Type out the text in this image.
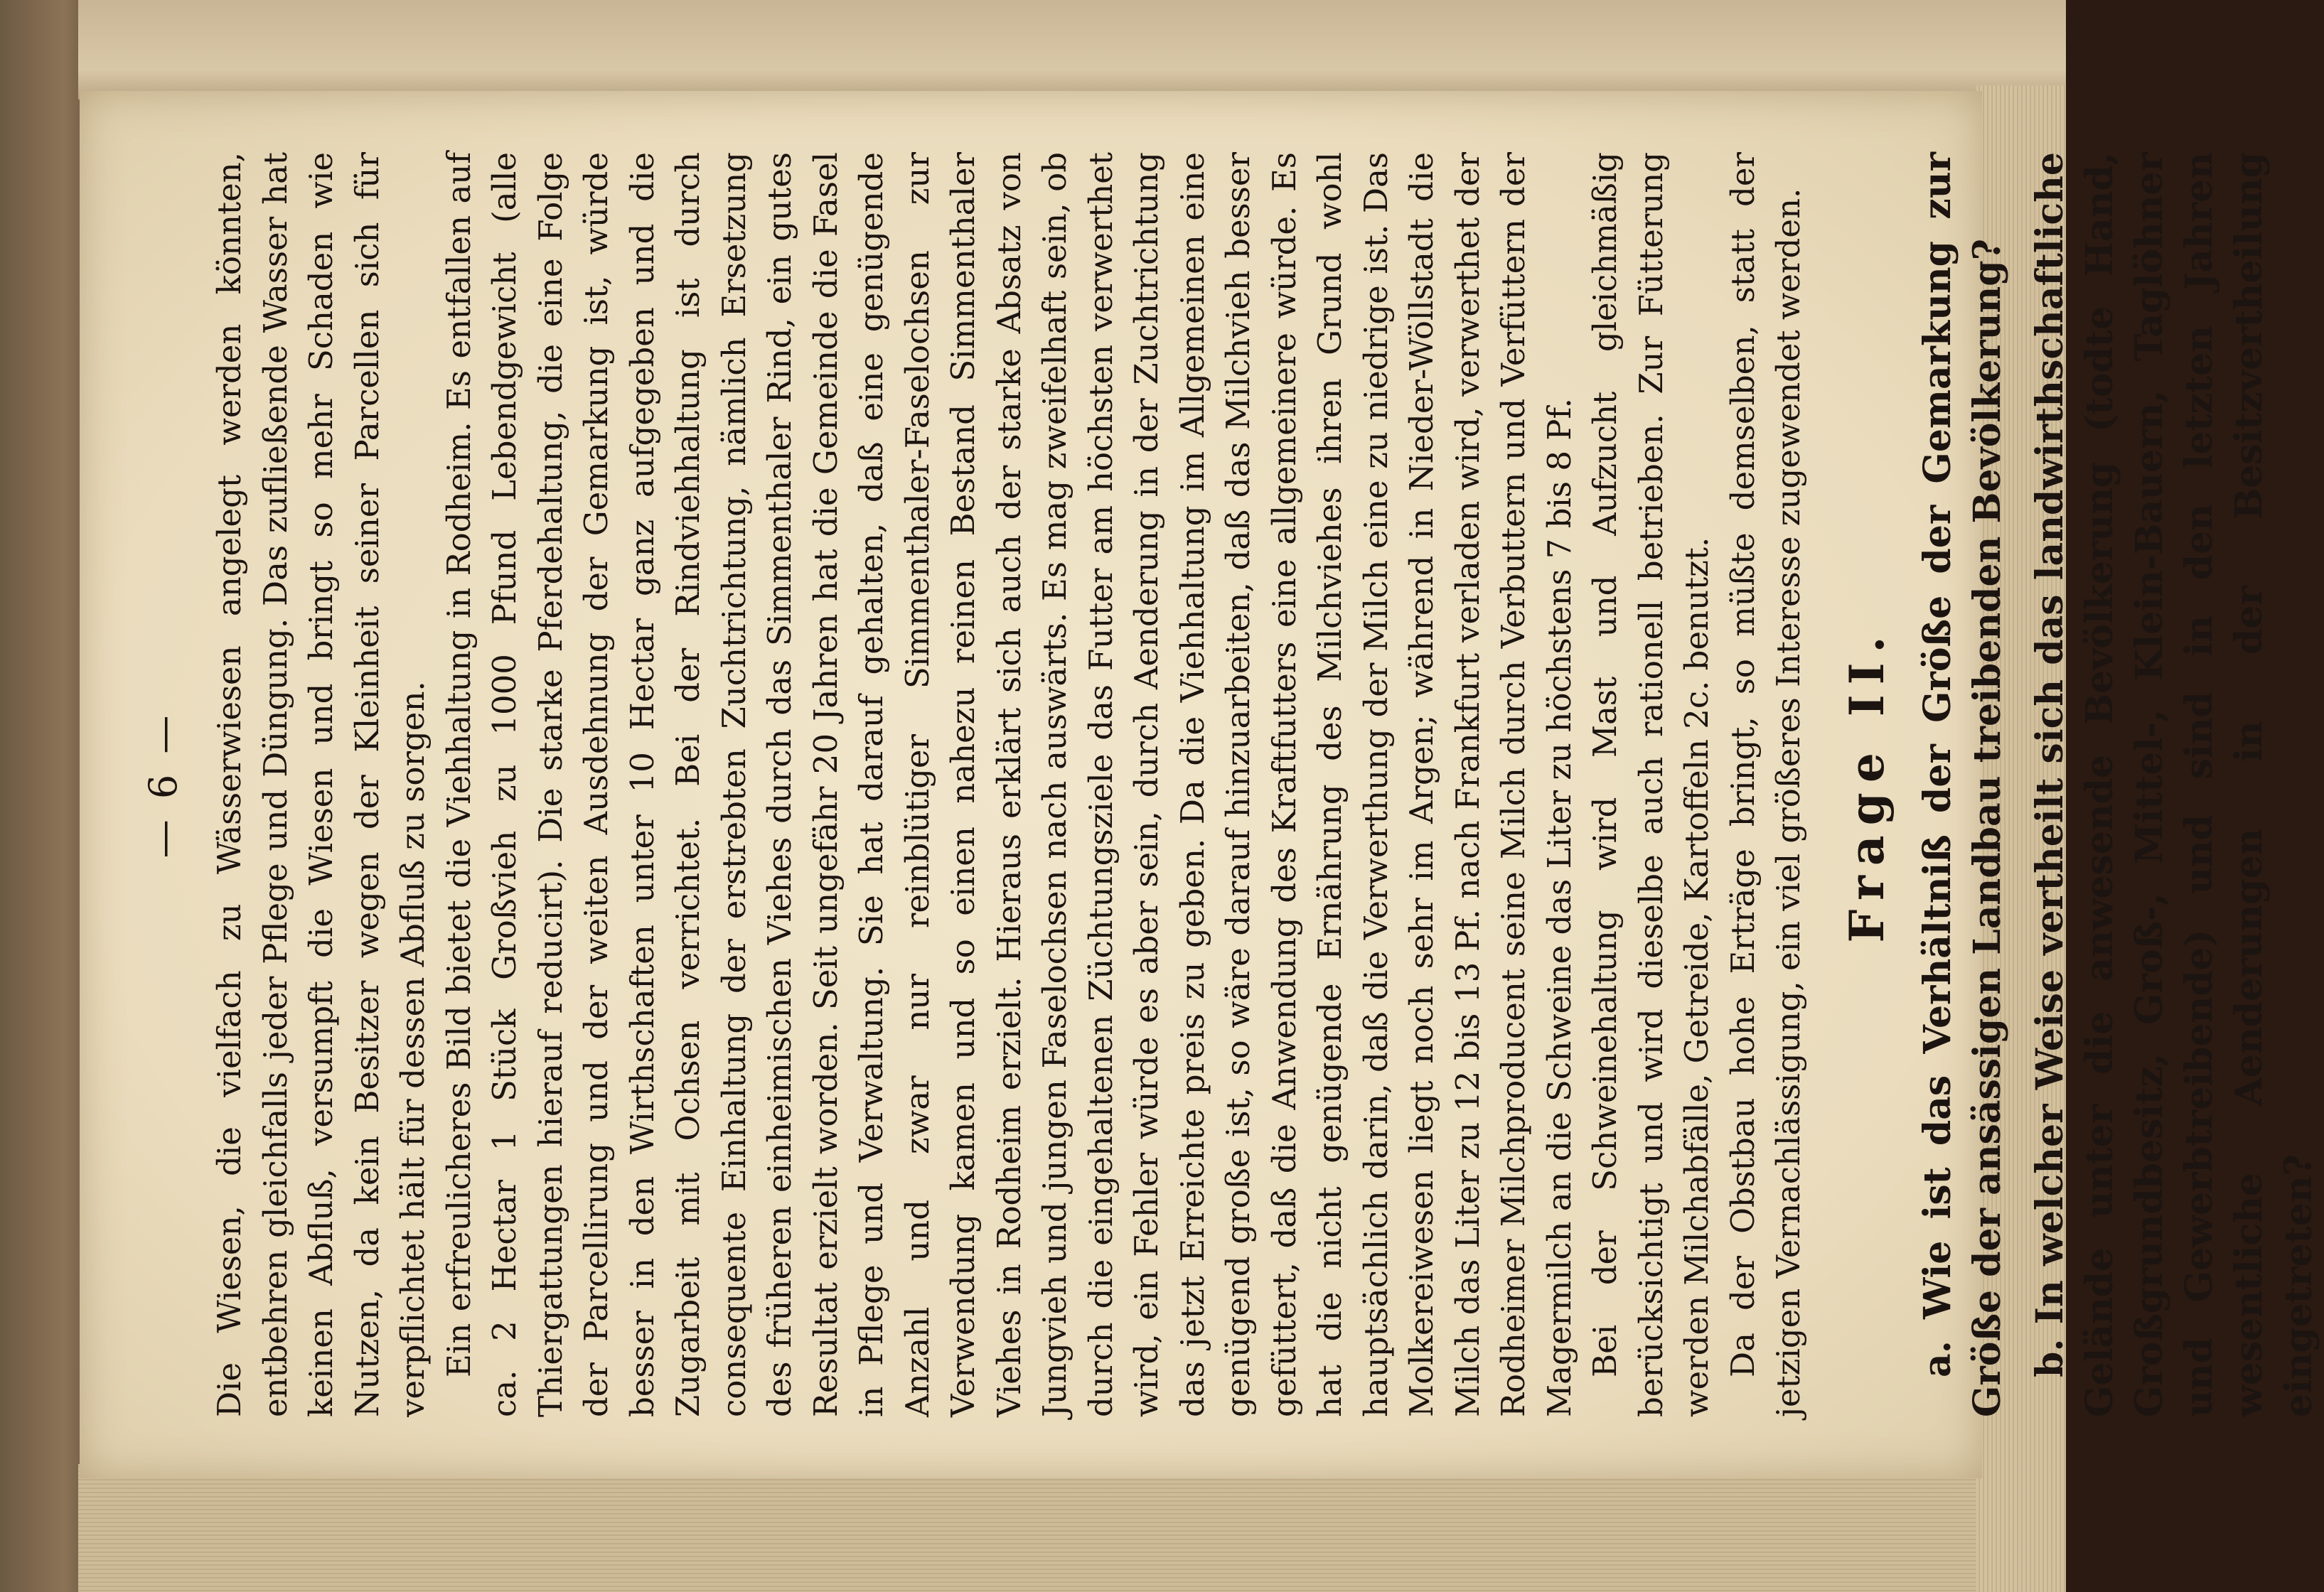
— 6 — Die Wiesen, die vielfach zu Wässerwiesen angelegt werden könnten, entbehren gleichfalls jeder Pflege und Düngung. Das zufließende Wasser hat keinen Abfluß, versumpft die Wiesen und bringt so mehr Schaden wie Nutzen, da kein Besitzer wegen der Kleinheit seiner Parcellen sich für verpflichtet hält für dessen Abfluß zu sorgen. Ein erfreulicheres Bild bietet die Viehhaltung in Rodheim. Es entfallen auf ca. 2 Hectar 1 Stück Großvieh zu 1000 Pfund Lebendgewicht (alle Thiergattungen hierauf reducirt). Die starke Pferdehaltung, die eine Folge der Parcellirung und der weiten Ausdehnung der Gemarkung ist, würde besser in den Wirthschaften unter 10 Hectar ganz aufgegeben und die Zugarbeit mit Ochsen verrichtet. Bei der Rindviehhaltung ist durch consequente Einhaltung der erstrebten Zuchtrichtung, nämlich Ersetzung des früheren einheimischen Viehes durch das Simmenthaler Rind, ein gutes Resultat erzielt worden. Seit ungefähr 20 Jahren hat die Gemeinde die Fasel in Pflege und Verwaltung. Sie hat darauf gehalten, daß eine genügende Anzahl und zwar nur reinblütiger Simmenthaler-Faselochsen zur Verwendung kamen und so einen nahezu reinen Bestand Simmenthaler Viehes in Rodheim erzielt. Hieraus erklärt sich auch der starke Absatz von Jungvieh und jungen Faselochsen nach auswärts. Es mag zweifelhaft sein, ob durch die eingehaltenen Züchtungsziele das Futter am höchsten verwerthet wird, ein Fehler würde es aber sein, durch Aenderung in der Zuchtrichtung das jetzt Erreichte preis zu geben. Da die Viehhaltung im Allgemeinen eine genügend große ist, so wäre darauf hinzuarbeiten, daß das Milchvieh besser gefüttert, daß die Anwendung des Kraftfutters eine allgemeinere würde. Es hat die nicht genügende Ernährung des Milchviehes ihren Grund wohl hauptsächlich darin, daß die Verwerthung der Milch eine zu niedrige ist. Das Molkereiwesen liegt noch sehr im Argen; während in Nieder-Wöllstadt die Milch das Liter zu 12 bis 13 Pf. nach Frankfurt verladen wird, verwerthet der Rodheimer Milchproducent seine Milch durch Verbuttern und Verfüttern der Magermilch an die Schweine das Liter zu höchstens 7 bis 8 Pf. Bei der Schweinehaltung wird Mast und Aufzucht gleichmäßig berücksichtigt und wird dieselbe auch rationell betrieben. Zur Fütterung werden Milchabfälle, Getreide, Kartoffeln 2c. benutzt. Da der Obstbau hohe Erträge bringt, so müßte demselben, statt der jetzigen Vernachlässigung, ein viel größeres Interesse zugewendet werden. Frage II. a. Wie ist das Verhältniß der Größe der Gemarkung zur Größe der ansässigen Landbau treibenden Bevölkerung? b. In welcher Weise vertheilt sich das landwirthschaftliche Gelände unter die anwesende Bevölkerung (todte Hand, Großgrundbesitz, Groß-, Mittel-, Klein-Bauern, Taglöhner und Gewerbtreibende) und sind in den letzten Jahren wesentliche Aenderungen in der Besitzvertheilung eingetreten?
